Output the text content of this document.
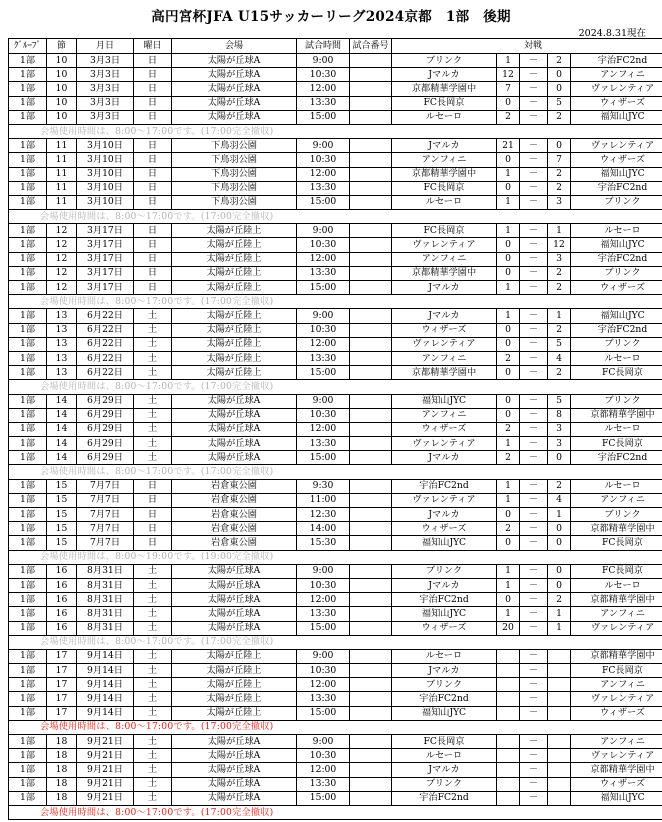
高円宮杯JFA U15サッカーリーグ2024京都　1部　後期
2024.8.31現在
ｸﾞﾙｰﾌﾟ	節	月日	曜日	会場	試合時間	試合番号	対戦				
1部	10	3月3日	日	太陽が丘球A	9:00		ブリンク	1	－	2	宇治FC2nd
1部	10	3月3日	日	太陽が丘球A	10:30		Jマルカ	12	－	0	アンフィニ
1部	10	3月3日	日	太陽が丘球A	12:00		京都精華学園中	7	－	0	ヴァレンティア
1部	10	3月3日	日	太陽が丘球A	13:30		FC長岡京	0	－	5	ウィザーズ
1部	10	3月3日	日	太陽が丘球A	15:00		ルセーロ	2	－	2	福知山JYC
会場使用時間は、8:00～17:00です。(17:00完全撤収)											
1部	11	3月10日	日	下鳥羽公園	9:00		Jマルカ	21	－	0	ヴァレンティア
1部	11	3月10日	日	下鳥羽公園	10:30		アンフィニ	0	－	7	ウィザーズ
1部	11	3月10日	日	下鳥羽公園	12:00		京都精華学園中	1	－	2	福知山JYC
1部	11	3月10日	日	下鳥羽公園	13:30		FC長岡京	0	－	2	宇治FC2nd
1部	11	3月10日	日	下鳥羽公園	15:00		ルセーロ	1	－	3	ブリンク
会場使用時間は、8:00～17:00です。(17:00完全撤収)											
1部	12	3月17日	日	太陽が丘陸上	9:00		FC長岡京	1	－	1	ルセーロ
1部	12	3月17日	日	太陽が丘陸上	10:30		ヴァレンティア	0	－	12	福知山JYC
1部	12	3月17日	日	太陽が丘陸上	12:00		アンフィニ	0	－	3	宇治FC2nd
1部	12	3月17日	日	太陽が丘陸上	13:30		京都精華学園中	0	－	2	ブリンク
1部	12	3月17日	日	太陽が丘陸上	15:00		Jマルカ	1	－	2	ウィザーズ
会場使用時間は、8:00～17:00です。(17:00完全撤収)											
1部	13	6月22日	土	太陽が丘陸上	9:00		Jマルカ	1	－	1	福知山JYC
1部	13	6月22日	土	太陽が丘陸上	10:30		ウィザーズ	0	－	2	宇治FC2nd
1部	13	6月22日	土	太陽が丘陸上	12:00		ヴァレンティア	0	－	5	ブリンク
1部	13	6月22日	土	太陽が丘陸上	13:30		アンフィニ	2	－	4	ルセーロ
1部	13	6月22日	土	太陽が丘陸上	15:00		京都精華学園中	0	－	2	FC長岡京
会場使用時間は、8:00～17:00です。(17:00完全撤収)											
1部	14	6月29日	土	太陽が丘球A	9:00		福知山JYC	0	－	5	ブリンク
1部	14	6月29日	土	太陽が丘球A	10:30		アンフィニ	0	－	8	京都精華学園中
1部	14	6月29日	土	太陽が丘球A	12:00		ウィザーズ	2	－	3	ルセーロ
1部	14	6月29日	土	太陽が丘球A	13:30		ヴァレンティア	1	－	3	FC長岡京
1部	14	6月29日	土	太陽が丘球A	15:00		Jマルカ	2	－	0	宇治FC2nd
会場使用時間は、8:00～17:00です。(17:00完全撤収)											
1部	15	7月7日	日	岩倉東公園	9:30		宇治FC2nd	1	－	2	ルセーロ
1部	15	7月7日	日	岩倉東公園	11:00		ヴァレンティア	1	－	4	アンフィニ
1部	15	7月7日	日	岩倉東公園	12:30		Jマルカ	0	－	1	ブリンク
1部	15	7月7日	日	岩倉東公園	14:00		ウィザーズ	2	－	0	京都精華学園中
1部	15	7月7日	日	岩倉東公園	15:30		福知山JYC	0	－	0	FC長岡京
会場使用時間は、8:00～19:00です。(19:00完全撤収)											
1部	16	8月31日	土	太陽が丘球A	9:00		ブリンク	1	－	0	FC長岡京
1部	16	8月31日	土	太陽が丘球A	10:30		Jマルカ	1	－	0	ルセーロ
1部	16	8月31日	土	太陽が丘球A	12:00		宇治FC2nd	0	－	2	京都精華学園中
1部	16	8月31日	土	太陽が丘球A	13:30		福知山JYC	1	－	1	アンフィニ
1部	16	8月31日	土	太陽が丘球A	15:00		ウィザーズ	20	－	1	ヴァレンティア
会場使用時間は、8:00～17:00です。(17:00完全撤収)											
1部	17	9月14日	土	太陽が丘陸上	9:00		ルセーロ		－		京都精華学園中
1部	17	9月14日	土	太陽が丘陸上	10:30		Jマルカ		－		FC長岡京
1部	17	9月14日	土	太陽が丘陸上	12:00		ブリンク		－		アンフィニ
1部	17	9月14日	土	太陽が丘陸上	13:30		宇治FC2nd		－		ヴァレンティア
1部	17	9月14日	土	太陽が丘陸上	15:00		福知山JYC		－		ウィザーズ
会場使用時間は、8:00～17:00です。(17:00完全撤収)											
1部	18	9月21日	土	太陽が丘球A	9:00		FC長岡京		－		アンフィニ
1部	18	9月21日	土	太陽が丘球A	10:30		ルセーロ		－		ヴァレンティア
1部	18	9月21日	土	太陽が丘球A	12:00		Jマルカ		－		京都精華学園中
1部	18	9月21日	土	太陽が丘球A	13:30		ブリンク		－		ウィザーズ
1部	18	9月21日	土	太陽が丘球A	15:00		宇治FC2nd		－		福知山JYC
会場使用時間は、8:00～17:00です。(17:00完全撤収)											
